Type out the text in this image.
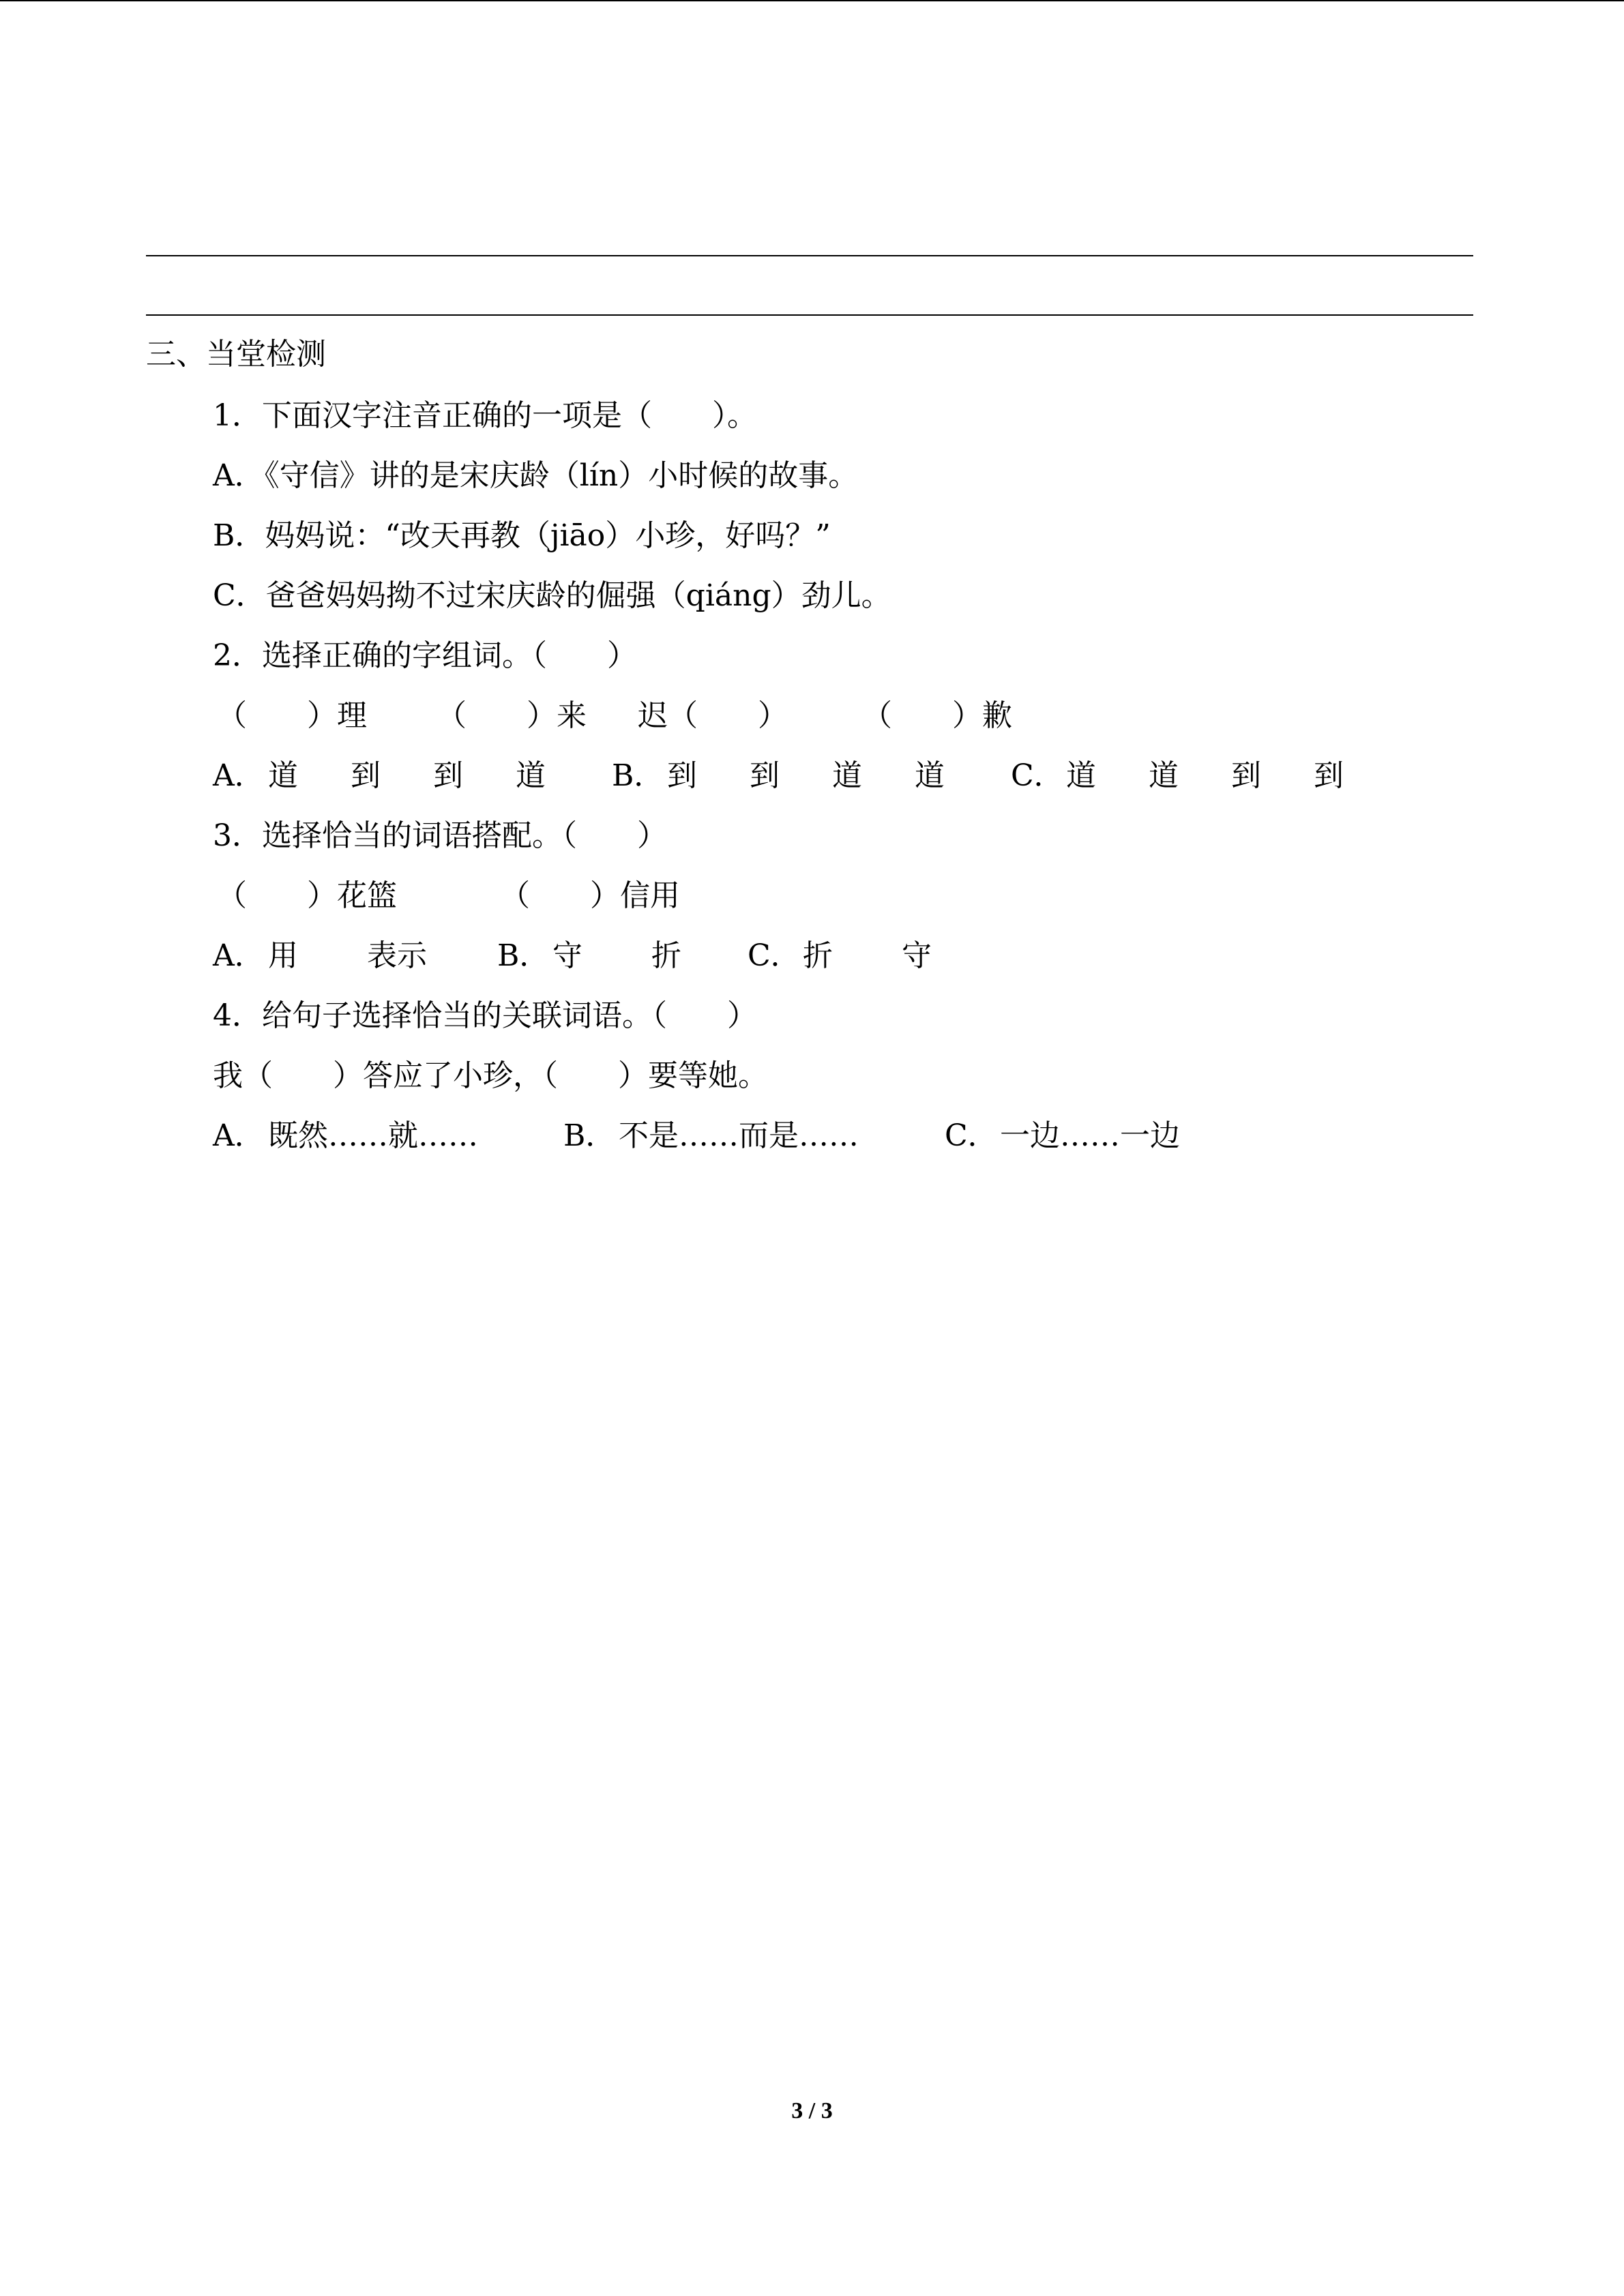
三、当堂检测
1．下面汉字注音正确的一项是（　　）。
A．《守信》讲的是宋庆龄（lín）小时候的故事。
B．妈妈说：“改天再教（jiāo）小珍，好吗？”
C．爸爸妈妈拗不过宋庆龄的倔强（qiáng）劲儿。
2．选择正确的字组词。（　　）
（　　）理 （　　）来 迟（　　） （　　）歉
A． 道 到 到 道 B． 到 到 道 道 C． 道 道 到 到
3．选择恰当的词语搭配。（　　）
（　　）花篮	（　　）信用
A． 用 表示 B． 守 折 C． 折 守
4．给句子选择恰当的关联词语。（　　）
我（　　）答应了小珍，（　　）要等她。
A． 既然……就……	B． 不是……而是……	C． 一边……一边
3 / 3
